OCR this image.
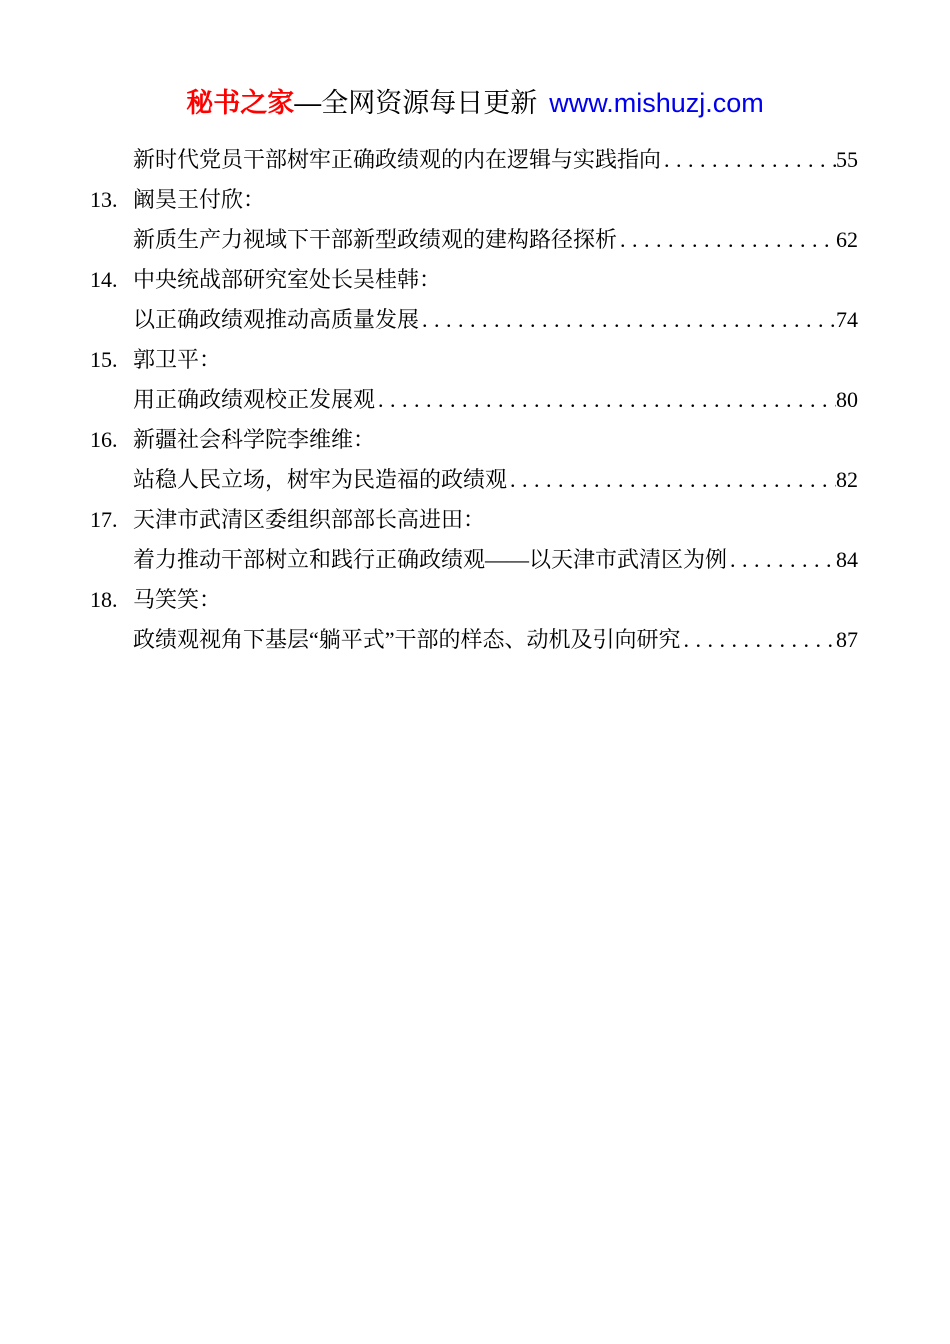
秘书之家—全网资源每日更新 www.mishuzj.com
新时代党员干部树牢正确政绩观的内在逻辑与实践指向 .....	55
13. 阚昊王付欣：
新质生产力视域下干部新型政绩观的建构路径探析 .....	62
14. 中央统战部研究室处长吴桂韩：
以正确政绩观推动高质量发展 .....	74
15. 郭卫平：
用正确政绩观校正发展观 .....	80
16. 新疆社会科学院李维维：
站稳人民立场，树牢为民造福的政绩观 .....	82
17. 天津市武清区委组织部部长高进田：
着力推动干部树立和践行正确政绩观——以天津市武清区为例 .....	84
18. 马笑笑：
政绩观视角下基层“躺平式”干部的样态、动机及引向研究 .....	87
